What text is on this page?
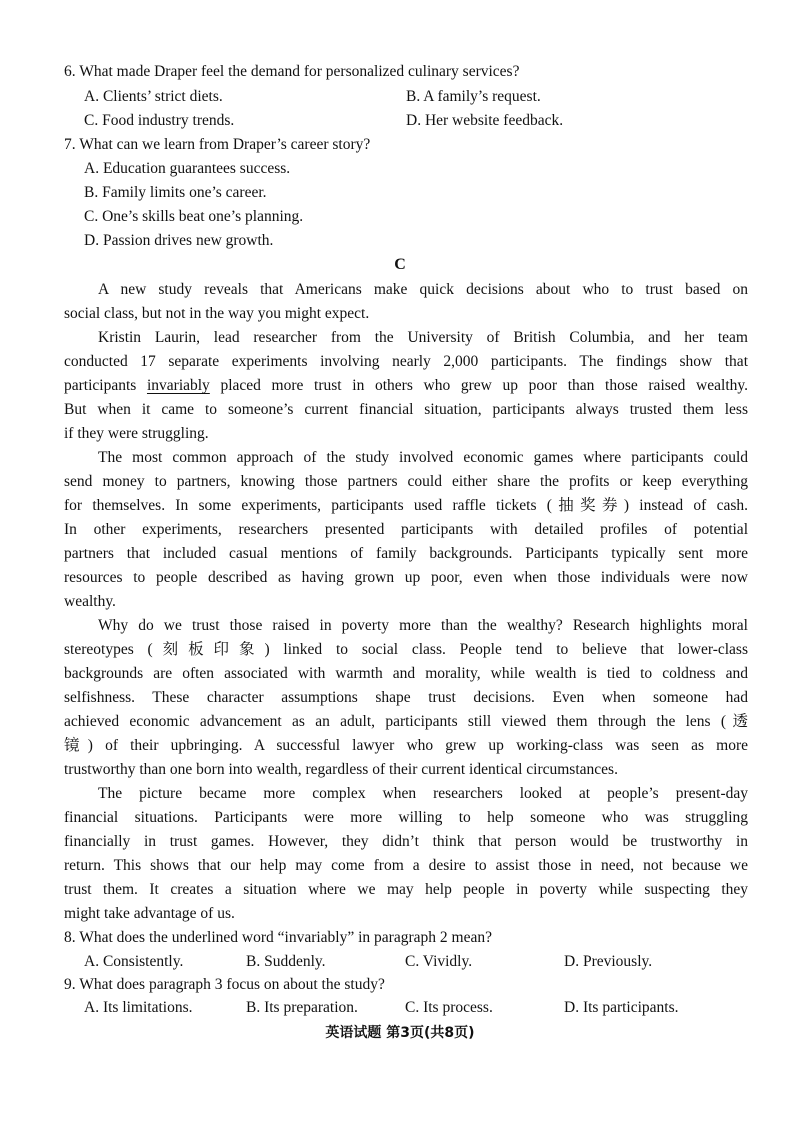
6. What made Draper feel the demand for personalized culinary services?
A. Clients’ strict diets.	B. A family’s request.
C. Food industry trends.	D. Her website feedback.
7. What can we learn from Draper’s career story?
A. Education guarantees success.
B. Family limits one’s career.
C. One’s skills beat one’s planning.
D. Passion drives new growth.
C
A new study reveals that Americans make quick decisions about who to trust based on
social class, but not in the way you might expect.
Kristin Laurin, lead researcher from the University of British Columbia, and her team
conducted 17 separate experiments involving nearly 2,000 participants. The findings show that
participants invariably placed more trust in others who grew up poor than those raised wealthy.
But when it came to someone’s current financial situation, participants always trusted them less
if they were struggling.
The most common approach of the study involved economic games where participants could
send money to partners, knowing those partners could either share the profits or keep everything
for themselves. In some experiments, participants used raffle tickets (抽奖券) instead of cash.
In other experiments, researchers presented participants with detailed profiles of potential
partners that included casual mentions of family backgrounds. Participants typically sent more
resources to people described as having grown up poor, even when those individuals were now
wealthy.
Why do we trust those raised in poverty more than the wealthy? Research highlights moral
stereotypes (刻板印象) linked to social class. People tend to believe that lower-class
backgrounds are often associated with warmth and morality, while wealth is tied to coldness and
selfishness. These character assumptions shape trust decisions. Even when someone had
achieved economic advancement as an adult, participants still viewed them through the lens (透
镜) of their upbringing. A successful lawyer who grew up working-class was seen as more
trustworthy than one born into wealth, regardless of their current identical circumstances.
The picture became more complex when researchers looked at people’s present-day
financial situations. Participants were more willing to help someone who was struggling
financially in trust games. However, they didn’t think that person would be trustworthy in
return. This shows that our help may come from a desire to assist those in need, not because we
trust them. It creates a situation where we may help people in poverty while suspecting they
might take advantage of us.
8. What does the underlined word “invariably” in paragraph 2 mean?
A. Consistently.	B. Suddenly.	C. Vividly.	D. Previously.
9. What does paragraph 3 focus on about the study?
A. Its limitations.	B. Its preparation.	C. Its process.	D. Its participants.
英语试题 第3页(共8页)
